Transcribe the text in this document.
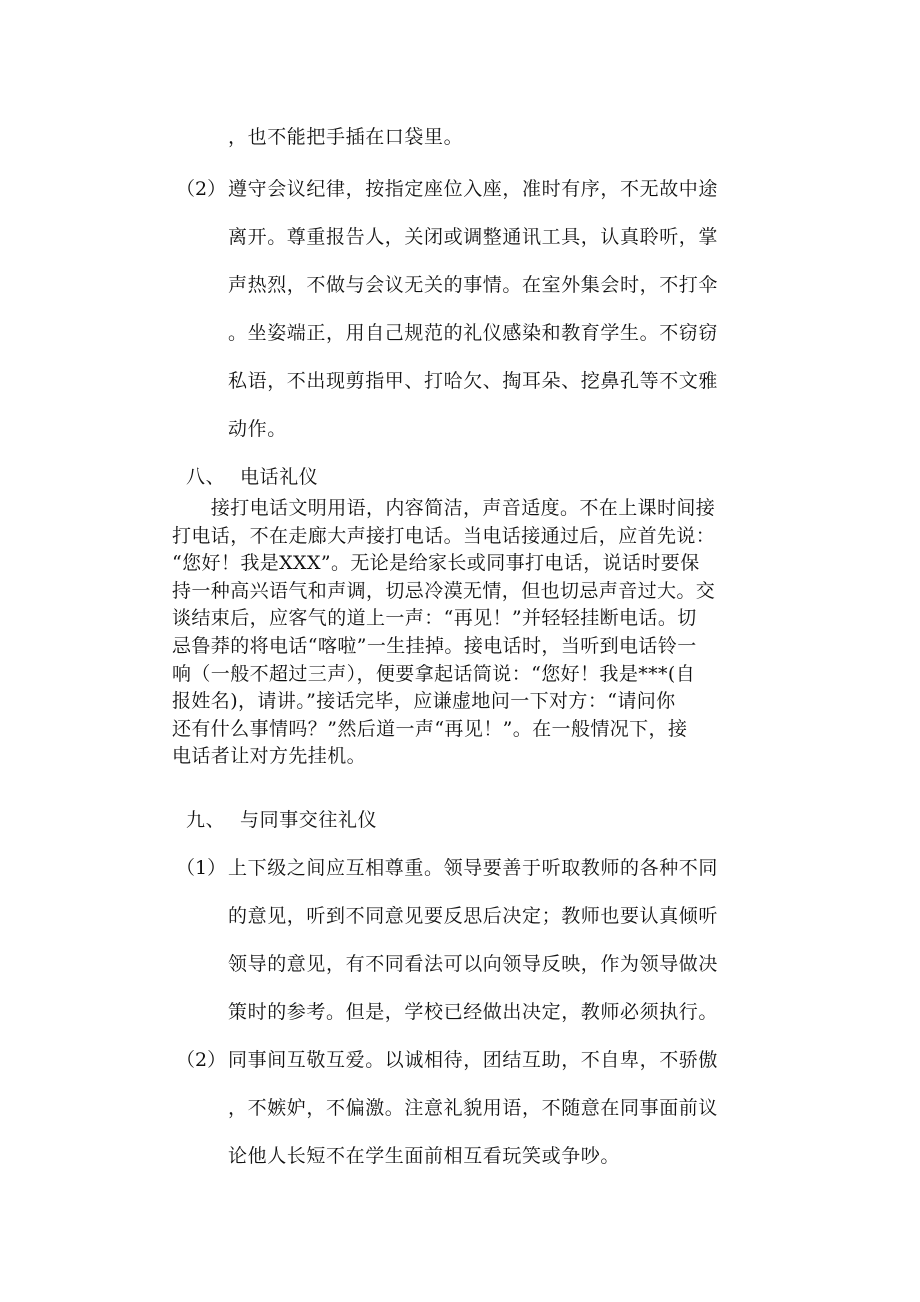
，也不能把手插在口袋里。
（2） 遵守会议纪律，按指定座位入座，准时有序，不无故中途
离开。尊重报告人，关闭或调整通讯工具，认真聆听，掌
声热烈，不做与会议无关的事情。在室外集会时，不打伞
。坐姿端正，用自己规范的礼仪感染和教育学生。不窃窃
私语，不出现剪指甲、打哈欠、掏耳朵、挖鼻孔等不文雅
动作。
八、 电话礼仪
　　接打电话文明用语，内容简洁，声音适度。不在上课时间接
打电话，不在走廊大声接打电话。当电话接通过后，应首先说：
“您好！我是XXX”。无论是给家长或同事打电话，说话时要保
持一种高兴语气和声调，切忌冷漠无情，但也切忌声音过大。交
谈结束后，应客气的道上一声：“再见！”并轻轻挂断电话。切
忌鲁莽的将电话“喀啦”一生挂掉。接电话时，当听到电话铃一
响（一般不超过三声），便要拿起话筒说：“您好！我是***(自
报姓名)，请讲。”接话完毕，应谦虚地问一下对方：“请问你
还有什么事情吗？”然后道一声“再见！”。在一般情况下，接
电话者让对方先挂机。
九、 与同事交往礼仪
（1） 上下级之间应互相尊重。领导要善于听取教师的各种不同
的意见，听到不同意见要反思后决定；教师也要认真倾听
领导的意见，有不同看法可以向领导反映，作为领导做决
策时的参考。但是，学校已经做出决定，教师必须执行。
（2） 同事间互敬互爱。以诚相待，团结互助，不自卑，不骄傲
，不嫉妒，不偏激。注意礼貌用语，不随意在同事面前议
论他人长短不在学生面前相互看玩笑或争吵。
